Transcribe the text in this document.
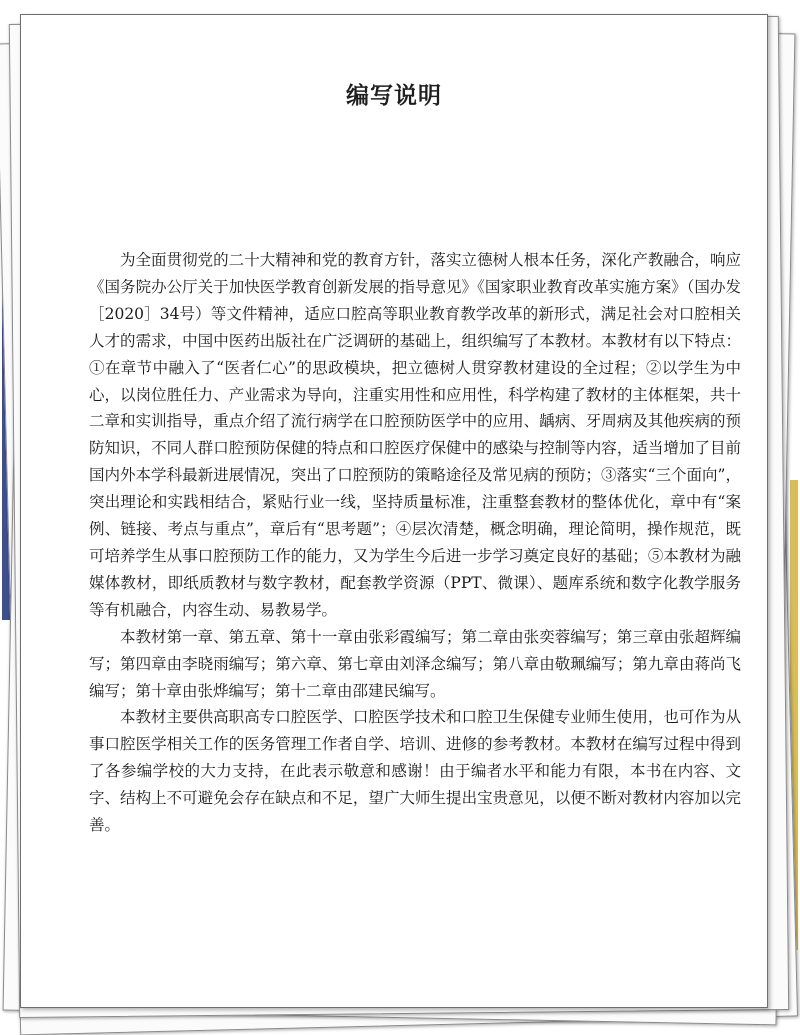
编写说明

为全面贯彻党的二十大精神和党的教育方针，落实立德树人根本任务，深化产教融合，响应《国务院办公厅关于加快医学教育创新发展的指导意见》《国家职业教育改革实施方案》（国办发［2020］34号）等文件精神，适应口腔高等职业教育教学改革的新形式，满足社会对口腔相关人才的需求，中国中医药出版社在广泛调研的基础上，组织编写了本教材。本教材有以下特点：①在章节中融入了“医者仁心”的思政模块，把立德树人贯穿教材建设的全过程；②以学生为中心，以岗位胜任力、产业需求为导向，注重实用性和应用性，科学构建了教材的主体框架，共十二章和实训指导，重点介绍了流行病学在口腔预防医学中的应用、龋病、牙周病及其他疾病的预防知识，不同人群口腔预防保健的特点和口腔医疗保健中的感染与控制等内容，适当增加了目前国内外本学科最新进展情况，突出了口腔预防的策略途径及常见病的预防；③落实“三个面向”，突出理论和实践相结合，紧贴行业一线，坚持质量标准，注重整套教材的整体优化，章中有“案例、链接、考点与重点”，章后有“思考题”；④层次清楚，概念明确，理论简明，操作规范，既可培养学生从事口腔预防工作的能力，又为学生今后进一步学习奠定良好的基础；⑤本教材为融媒体教材，即纸质教材与数字教材，配套教学资源（PPT、微课）、题库系统和数字化教学服务等有机融合，内容生动、易教易学。

本教材第一章、第五章、第十一章由张彩霞编写；第二章由张奕蓉编写；第三章由张超辉编写；第四章由李晓雨编写；第六章、第七章由刘泽念编写；第八章由敬珮编写；第九章由蒋尚飞编写；第十章由张烨编写；第十二章由邵建民编写。

本教材主要供高职高专口腔医学、口腔医学技术和口腔卫生保健专业师生使用，也可作为从事口腔医学相关工作的医务管理工作者自学、培训、进修的参考教材。本教材在编写过程中得到了各参编学校的大力支持，在此表示敬意和感谢！由于编者水平和能力有限，本书在内容、文字、结构上不可避免会存在缺点和不足，望广大师生提出宝贵意见，以便不断对教材内容加以完善。
